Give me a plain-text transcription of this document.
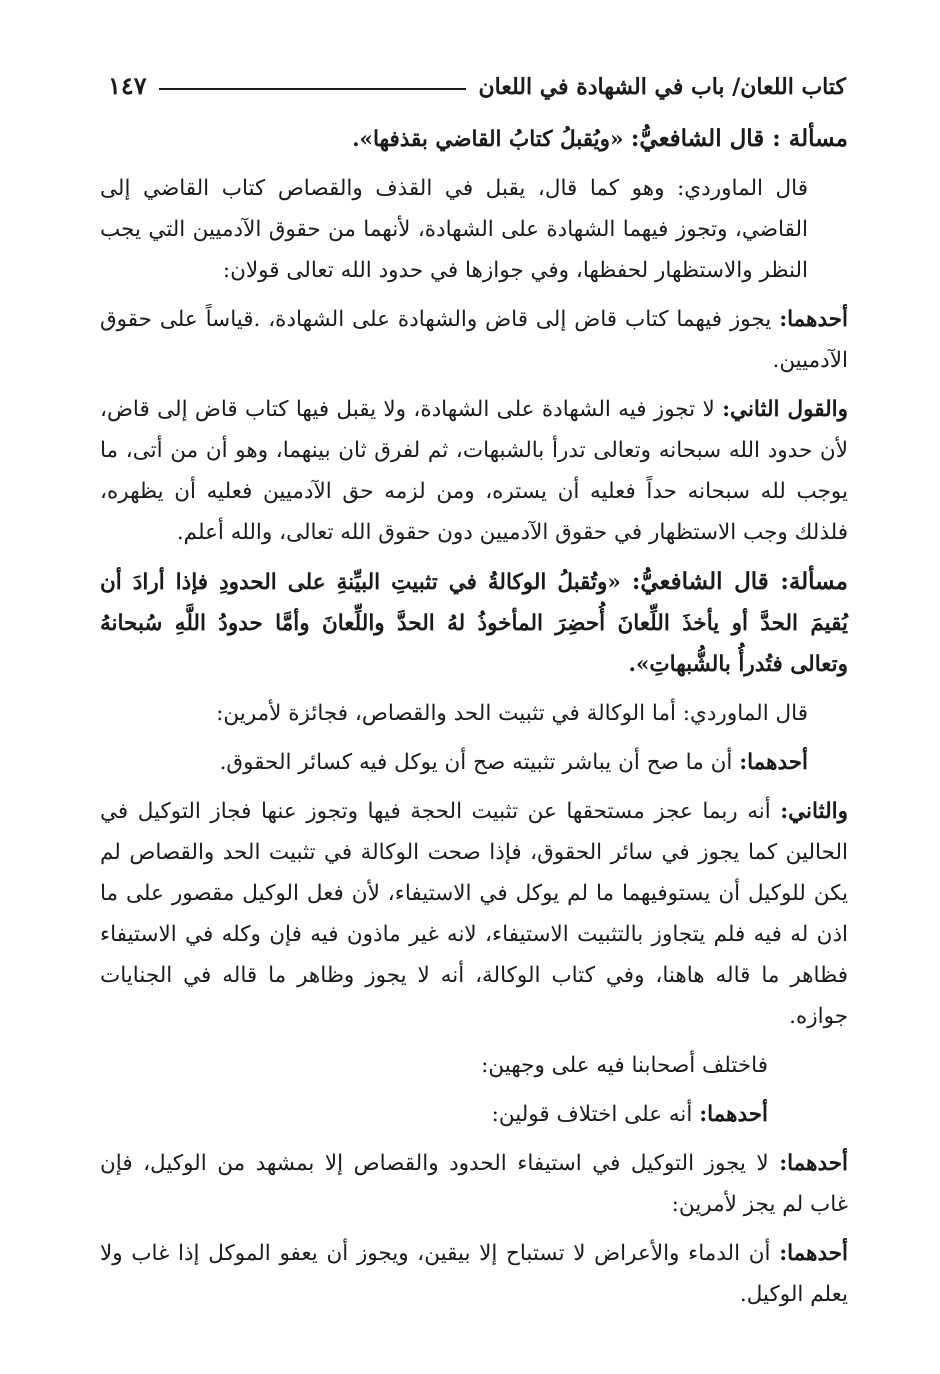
كتاب اللعان/ باب في الشهادة في اللعان
١٤٧

مسألة : قال الشافعيُّ: «ويُقبلُ كتابُ القاضي بقذفها».

قال الماوردي: وهو كما قال، يقبل في القذف والقصاص كتاب القاضي إلى القاضي، وتجوز فيهما الشهادة على الشهادة، لأنهما من حقوق الآدميين التي يجب النظر والاستظهار لحفظها، وفي جوازها في حدود الله تعالى قولان:

أحدهما: يجوز فيهما كتاب قاض إلى قاض والشهادة على الشهادة، .قياساً على حقوق الآدميين.

والقول الثاني: لا تجوز فيه الشهادة على الشهادة، ولا يقبل فيها كتاب قاض إلى قاض، لأن حدود الله سبحانه وتعالى تدرأ بالشبهات، ثم لفرق ثان بينهما، وهو أن من أتى، ما يوجب لله سبحانه حداً فعليه أن يستره، ومن لزمه حق الآدميين فعليه أن يظهره، فلذلك وجب الاستظهار في حقوق الآدميين دون حقوق الله تعالى، والله أعلم.

مسألة: قال الشافعيُّ: «وتُقبلُ الوكالةُ في تثبيتِ البيِّنةِ على الحدودِ فإذا أرادَ أن يُقيمَ الحدَّ أو يأخذَ اللِّعانَ أُحضِرَ المأخوذُ لهُ الحدَّ واللِّعانَ وأمَّا حدودُ اللَّهِ سُبحانهُ وتعالى فتُدرأُ بالشُّبهاتِ».

قال الماوردي: أما الوكالة في تثبيت الحد والقصاص، فجائزة لأمرين:

أحدهما: أن ما صح أن يباشر تثبيته صح أن يوكل فيه كسائر الحقوق.

والثاني: أنه ربما عجز مستحقها عن تثبيت الحجة فيها وتجوز عنها فجاز التوكيل في الحالين كما يجوز في سائر الحقوق، فإذا صحت الوكالة في تثبيت الحد والقصاص لم يكن للوكيل أن يستوفيهما ما لم يوكل في الاستيفاء، لأن فعل الوكيل مقصور على ما اذن له فيه فلم يتجاوز بالتثبيت الاستيفاء، لانه غير ماذون فيه فإن وكله في الاستيفاء فظاهر ما قاله هاهنا، وفي كتاب الوكالة، أنه لا يجوز وظاهر ما قاله في الجنايات جوازه.

فاختلف أصحابنا فيه على وجهين:

أحدهما: أنه على اختلاف قولين:

أحدهما: لا يجوز التوكيل في استيفاء الحدود والقصاص إلا بمشهد من الوكيل، فإن غاب لم يجز لأمرين:

أحدهما: أن الدماء والأعراض لا تستباح إلا بيقين، ويجوز أن يعفو الموكل إذا غاب ولا يعلم الوكيل.
